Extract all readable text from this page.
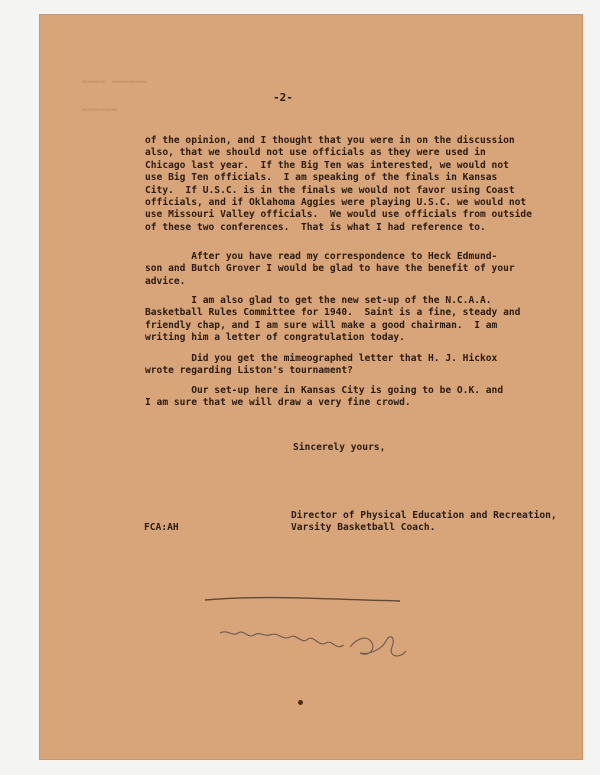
▬▬▬▬ ▬▬▬▬▬▬
▬▬▬▬▬▬
-2-
of the opinion, and I thought that you were in on the discussion
also, that we should not use officials as they were used in
Chicago last year.  If the Big Ten was interested, we would not
use Big Ten officials.  I am speaking of the finals in Kansas
City.  If U.S.C. is in the finals we would not favor using Coast
officials, and if Oklahoma Aggies were playing U.S.C. we would not
use Missouri Valley officials.  We would use officials from outside
of these two conferences.  That is what I had reference to.
After you have read my correspondence to Heck Edmund-
son and Butch Grover I would be glad to have the benefit of your
advice.
I am also glad to get the new set-up of the N.C.A.A.
Basketball Rules Committee for 1940.  Saint is a fine, steady and
friendly chap, and I am sure will make a good chairman.  I am
writing him a letter of congratulation today.
Did you get the mimeographed letter that H. J. Hickox
wrote regarding Liston's tournament?
Our set-up here in Kansas City is going to be O.K. and
I am sure that we will draw a very fine crowd.
Sincerely yours,
Director of Physical Education and Recreation,
Varsity Basketball Coach.
FCA:AH
